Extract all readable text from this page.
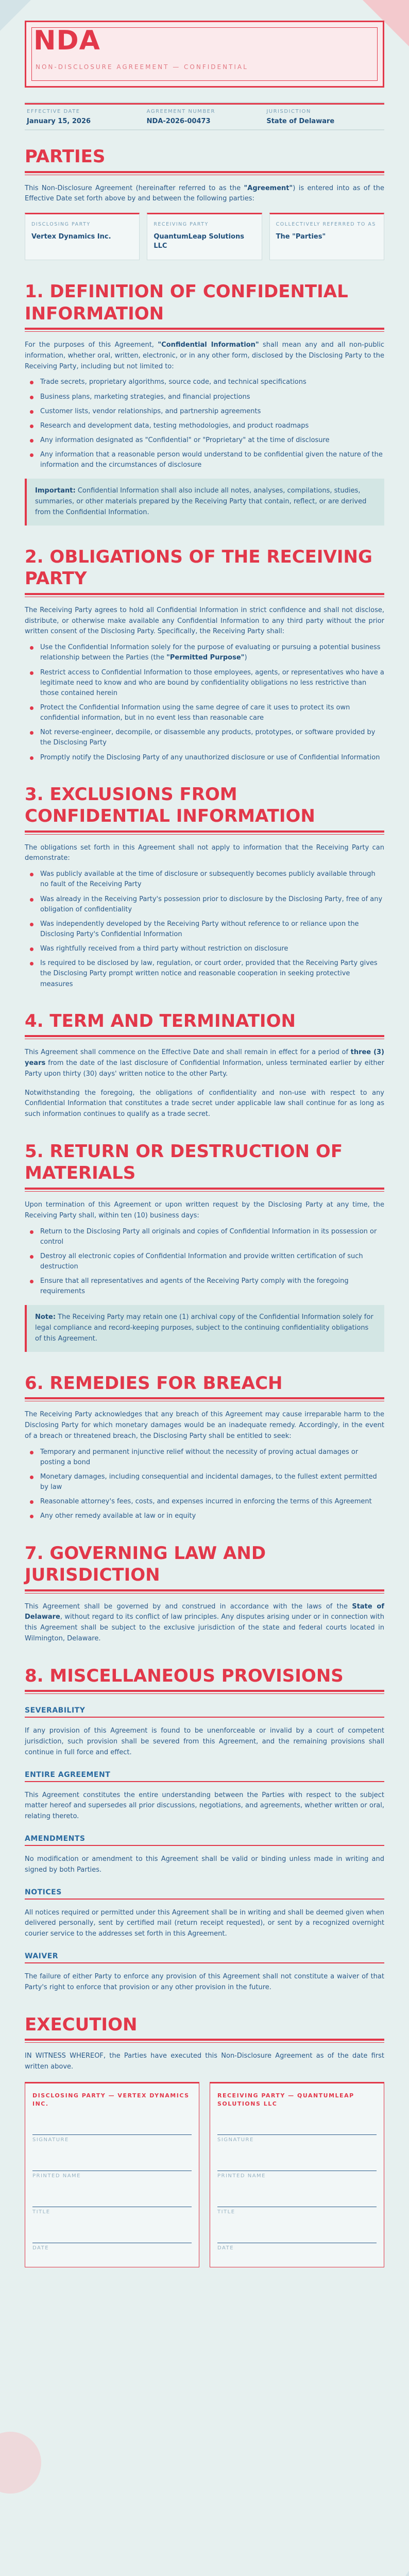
NDA
NON-DISCLOSURE AGREEMENT — CONFIDENTIAL
EFFECTIVE DATE
January 15, 2026
AGREEMENT NUMBER
NDA-2026-00473
JURISDICTION
State of Delaware
PARTIES

This Non-Disclosure Agreement (hereinafter referred to as the "Agreement") is entered into as of the Effective Date set forth above by and between the following parties:

DISCLOSING PARTY
Vertex Dynamics Inc.
RECEIVING PARTY
QuantumLeap Solutions LLC
COLLECTIVELY REFERRED TO AS
The "Parties"
1. DEFINITION OF CONFIDENTIAL INFORMATION

For the purposes of this Agreement, "Confidential Information" shall mean any and all non-public information, whether oral, written, electronic, or in any other form, disclosed by the Disclosing Party to the Receiving Party, including but not limited to:

Trade secrets, proprietary algorithms, source code, and technical specifications
Business plans, marketing strategies, and financial projections
Customer lists, vendor relationships, and partnership agreements
Research and development data, testing methodologies, and product roadmaps
Any information designated as "Confidential" or "Proprietary" at the time of disclosure
Any information that a reasonable person would understand to be confidential given the nature of the information and the circumstances of disclosure
Important: Confidential Information shall also include all notes, analyses, compilations, studies, summaries, or other materials prepared by the Receiving Party that contain, reflect, or are derived from the Confidential Information.
2. OBLIGATIONS OF THE RECEIVING PARTY

The Receiving Party agrees to hold all Confidential Information in strict confidence and shall not disclose, distribute, or otherwise make available any Confidential Information to any third party without the prior written consent of the Disclosing Party. Specifically, the Receiving Party shall:

Use the Confidential Information solely for the purpose of evaluating or pursuing a potential business relationship between the Parties (the "Permitted Purpose")
Restrict access to Confidential Information to those employees, agents, or representatives who have a legitimate need to know and who are bound by confidentiality obligations no less restrictive than those contained herein
Protect the Confidential Information using the same degree of care it uses to protect its own confidential information, but in no event less than reasonable care
Not reverse-engineer, decompile, or disassemble any products, prototypes, or software provided by the Disclosing Party
Promptly notify the Disclosing Party of any unauthorized disclosure or use of Confidential Information
3. EXCLUSIONS FROM CONFIDENTIAL INFORMATION

The obligations set forth in this Agreement shall not apply to information that the Receiving Party can demonstrate:

Was publicly available at the time of disclosure or subsequently becomes publicly available through no fault of the Receiving Party
Was already in the Receiving Party's possession prior to disclosure by the Disclosing Party, free of any obligation of confidentiality
Was independently developed by the Receiving Party without reference to or reliance upon the Disclosing Party's Confidential Information
Was rightfully received from a third party without restriction on disclosure
Is required to be disclosed by law, regulation, or court order, provided that the Receiving Party gives the Disclosing Party prompt written notice and reasonable cooperation in seeking protective measures
4. TERM AND TERMINATION

This Agreement shall commence on the Effective Date and shall remain in effect for a period of three (3) years from the date of the last disclosure of Confidential Information, unless terminated earlier by either Party upon thirty (30) days' written notice to the other Party.

Notwithstanding the foregoing, the obligations of confidentiality and non-use with respect to any Confidential Information that constitutes a trade secret under applicable law shall continue for as long as such information continues to qualify as a trade secret.

5. RETURN OR DESTRUCTION OF MATERIALS

Upon termination of this Agreement or upon written request by the Disclosing Party at any time, the Receiving Party shall, within ten (10) business days:

Return to the Disclosing Party all originals and copies of Confidential Information in its possession or control
Destroy all electronic copies of Confidential Information and provide written certification of such destruction
Ensure that all representatives and agents of the Receiving Party comply with the foregoing requirements
Note: The Receiving Party may retain one (1) archival copy of the Confidential Information solely for legal compliance and record-keeping purposes, subject to the continuing confidentiality obligations of this Agreement.
6. REMEDIES FOR BREACH

The Receiving Party acknowledges that any breach of this Agreement may cause irreparable harm to the Disclosing Party for which monetary damages would be an inadequate remedy. Accordingly, in the event of a breach or threatened breach, the Disclosing Party shall be entitled to seek:

Temporary and permanent injunctive relief without the necessity of proving actual damages or posting a bond
Monetary damages, including consequential and incidental damages, to the fullest extent permitted by law
Reasonable attorney's fees, costs, and expenses incurred in enforcing the terms of this Agreement
Any other remedy available at law or in equity
7. GOVERNING LAW AND JURISDICTION

This Agreement shall be governed by and construed in accordance with the laws of the State of Delaware, without regard to its conflict of law principles. Any disputes arising under or in connection with this Agreement shall be subject to the exclusive jurisdiction of the state and federal courts located in Wilmington, Delaware.

8. MISCELLANEOUS PROVISIONS
SEVERABILITY

If any provision of this Agreement is found to be unenforceable or invalid by a court of competent jurisdiction, such provision shall be severed from this Agreement, and the remaining provisions shall continue in full force and effect.

ENTIRE AGREEMENT

This Agreement constitutes the entire understanding between the Parties with respect to the subject matter hereof and supersedes all prior discussions, negotiations, and agreements, whether written or oral, relating thereto.

AMENDMENTS

No modification or amendment to this Agreement shall be valid or binding unless made in writing and signed by both Parties.

NOTICES

All notices required or permitted under this Agreement shall be in writing and shall be deemed given when delivered personally, sent by certified mail (return receipt requested), or sent by a recognized overnight courier service to the addresses set forth in this Agreement.

WAIVER

The failure of either Party to enforce any provision of this Agreement shall not constitute a waiver of that Party's right to enforce that provision or any other provision in the future.

EXECUTION

IN WITNESS WHEREOF, the Parties have executed this Non-Disclosure Agreement as of the date first written above.

DISCLOSING PARTY — VERTEX DYNAMICS INC.
SIGNATURE
PRINTED NAME
TITLE
DATE
RECEIVING PARTY — QUANTUMLEAP SOLUTIONS LLC
SIGNATURE
PRINTED NAME
TITLE
DATE
